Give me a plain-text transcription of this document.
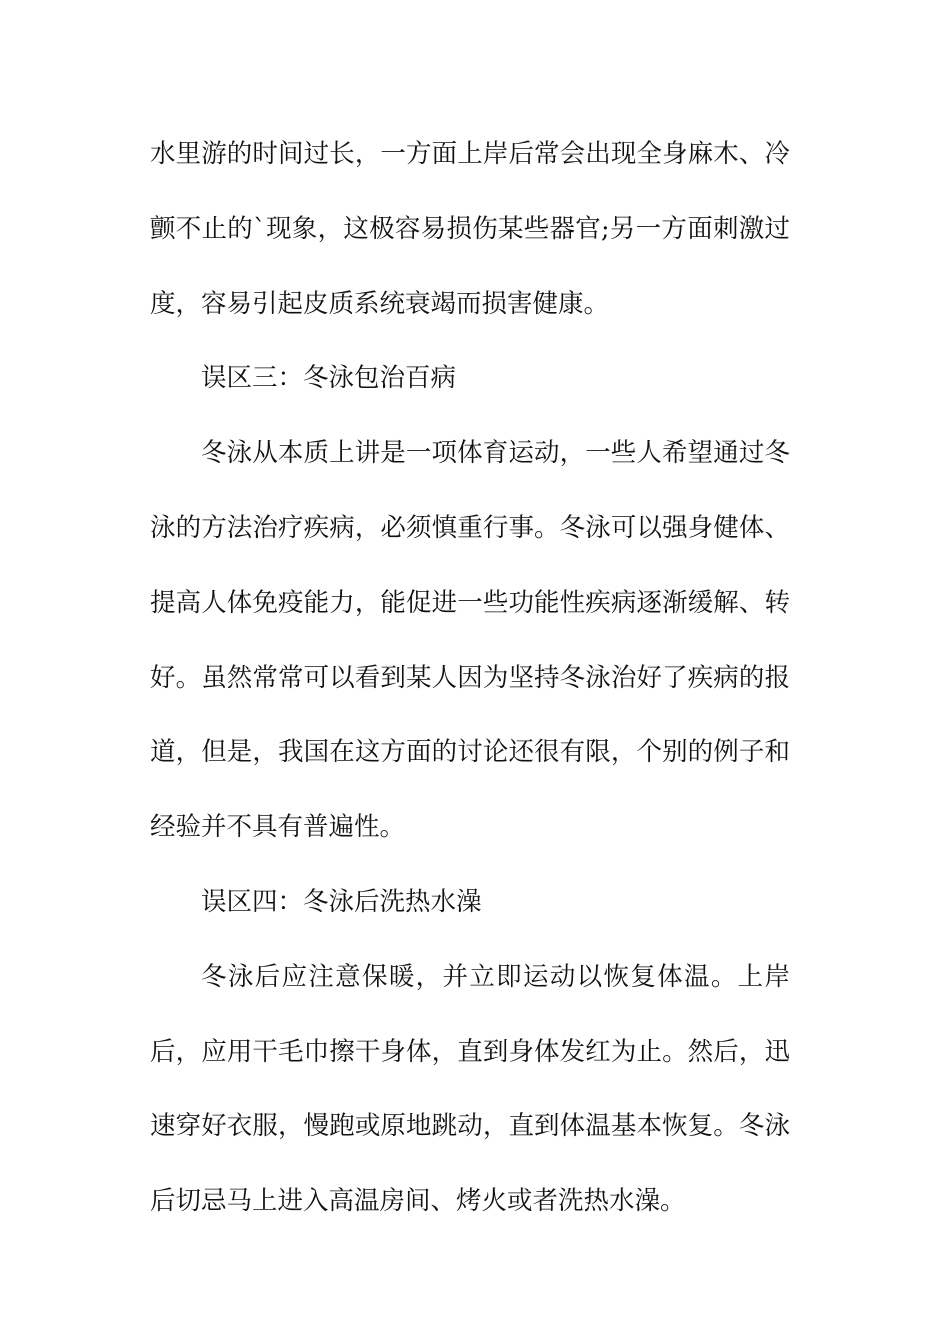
水里游的时间过长，一方面上岸后常会出现全身麻木、冷颤不止的`现象，这极容易损伤某些器官;另一方面刺激过度，容易引起皮质系统衰竭而损害健康。

误区三：冬泳包治百病

冬泳从本质上讲是一项体育运动，一些人希望通过冬泳的方法治疗疾病，必须慎重行事。冬泳可以强身健体、提高人体免疫能力，能促进一些功能性疾病逐渐缓解、转好。虽然常常可以看到某人因为坚持冬泳治好了疾病的报道，但是，我国在这方面的讨论还很有限，个别的例子和经验并不具有普遍性。

误区四：冬泳后洗热水澡

冬泳后应注意保暖，并立即运动以恢复体温。上岸后，应用干毛巾擦干身体，直到身体发红为止。然后，迅速穿好衣服，慢跑或原地跳动，直到体温基本恢复。冬泳后切忌马上进入高温房间、烤火或者洗热水澡。
